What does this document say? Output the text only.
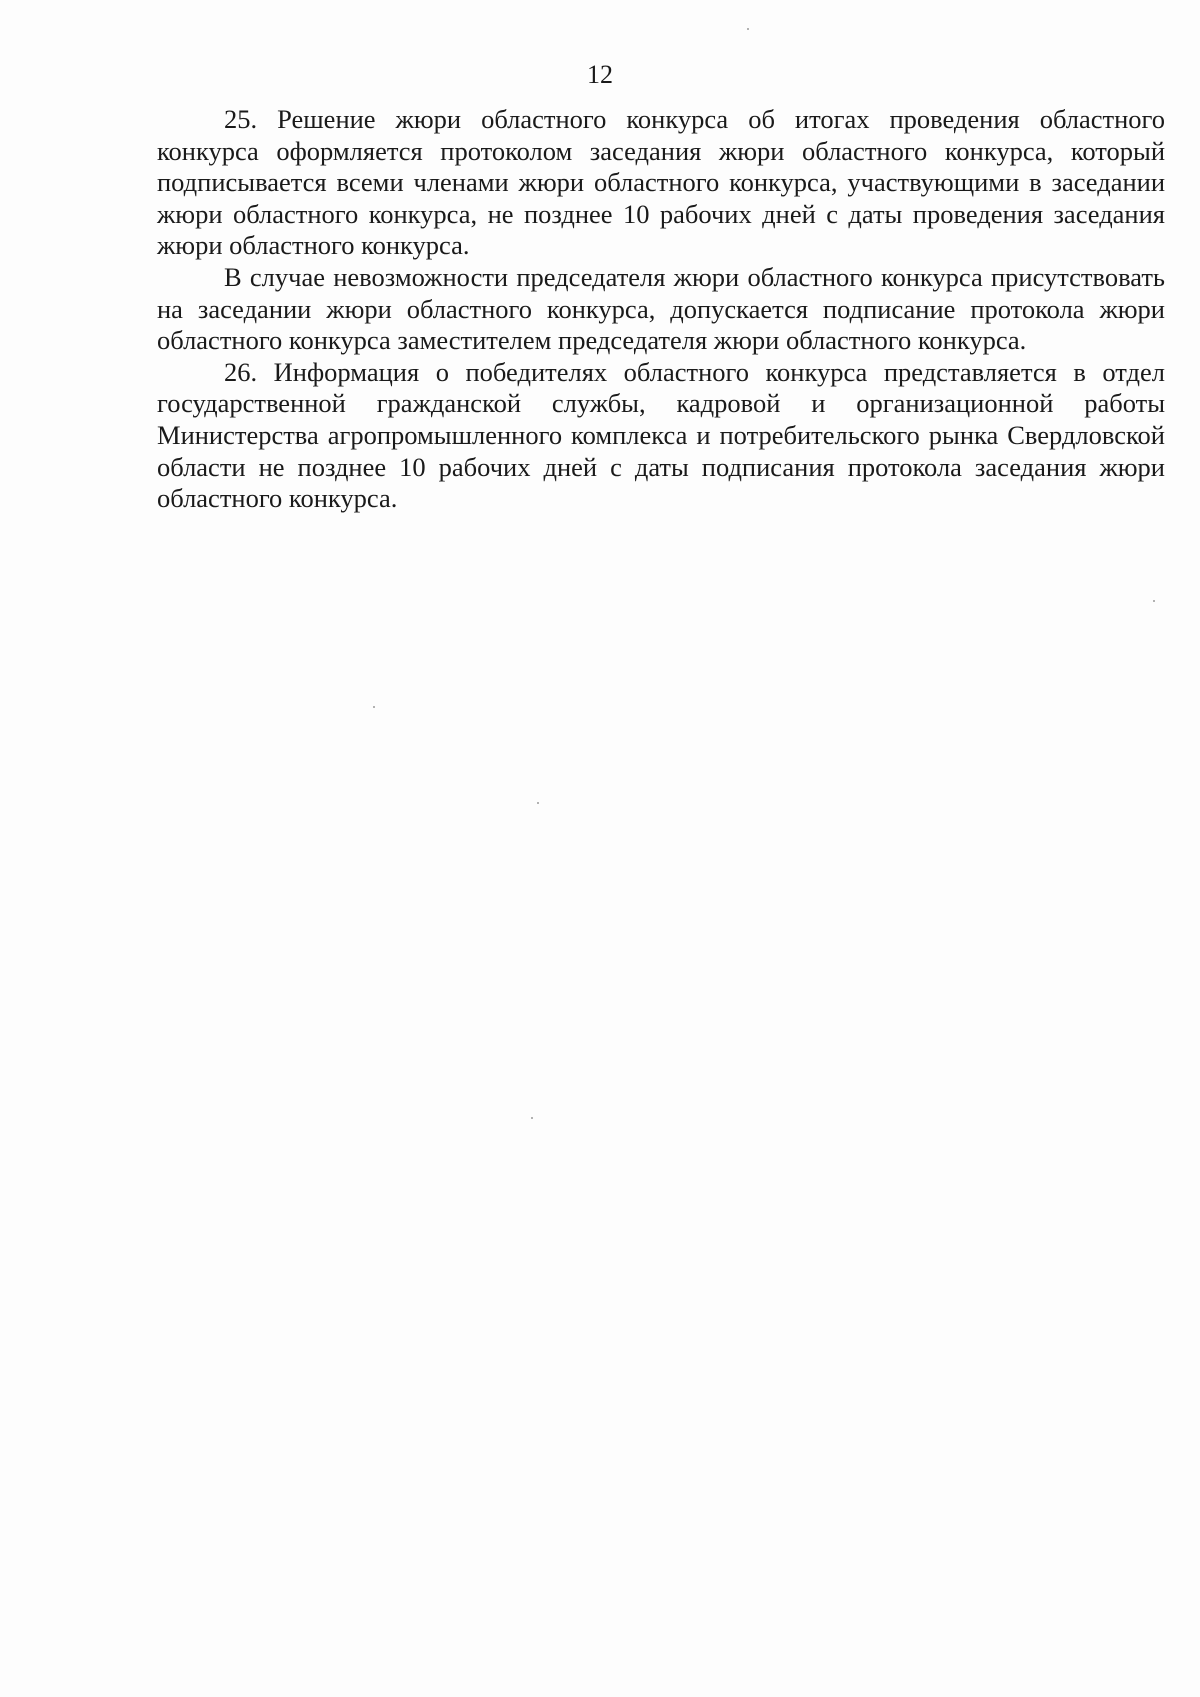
12

25. Решение жюри областного конкурса об итогах проведения областного конкурса оформляется протоколом заседания жюри областного конкурса, который подписывается всеми членами жюри областного конкурса, участвующими в заседании жюри областного конкурса, не позднее 10 рабочих дней с даты проведения заседания жюри областного конкурса.

В случае невозможности председателя жюри областного конкурса присутствовать на заседании жюри областного конкурса, допускается подписание протокола жюри областного конкурса заместителем председателя жюри областного конкурса.

26. Информация о победителях областного конкурса представляется в отдел государственной гражданской службы, кадровой и организационной работы Министерства агропромышленного комплекса и потребительского рынка Свердловской области не позднее 10 рабочих дней с даты подписания протокола заседания жюри областного конкурса.
